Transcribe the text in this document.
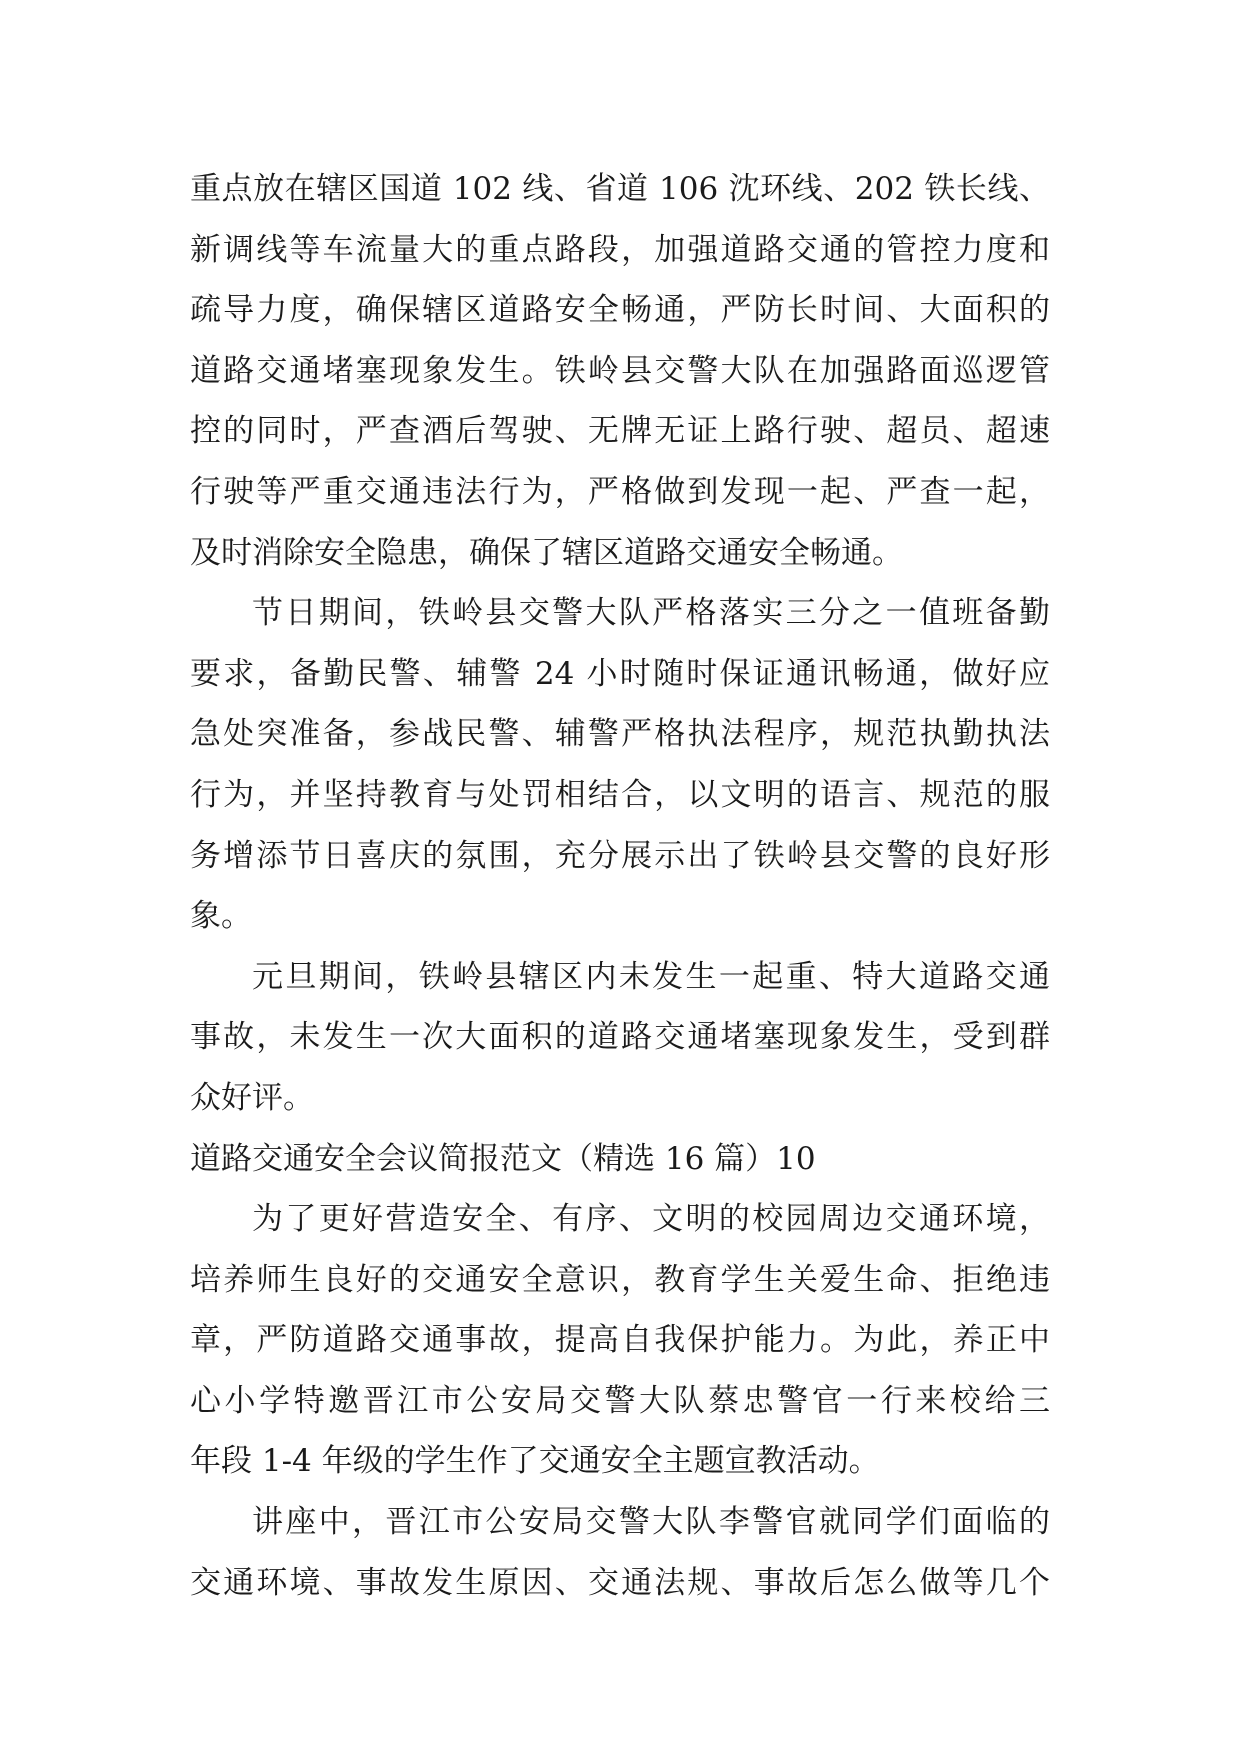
重点放在辖区国道 102 线、省道 106 沈环线、202 铁长线、
新调线等车流量大的重点路段，加强道路交通的管控力度和
疏导力度，确保辖区道路安全畅通，严防长时间、大面积的
道路交通堵塞现象发生。铁岭县交警大队在加强路面巡逻管
控的同时，严查酒后驾驶、无牌无证上路行驶、超员、超速
行驶等严重交通违法行为，严格做到发现一起、严查一起，
及时消除安全隐患，确保了辖区道路交通安全畅通。
节日期间，铁岭县交警大队严格落实三分之一值班备勤
要求，备勤民警、辅警 24 小时随时保证通讯畅通，做好应
急处突准备，参战民警、辅警严格执法程序，规范执勤执法
行为，并坚持教育与处罚相结合，以文明的语言、规范的服
务增添节日喜庆的氛围，充分展示出了铁岭县交警的良好形
象。
元旦期间，铁岭县辖区内未发生一起重、特大道路交通
事故，未发生一次大面积的道路交通堵塞现象发生，受到群
众好评。
道路交通安全会议简报范文（精选 16 篇）10
为了更好营造安全、有序、文明的校园周边交通环境，
培养师生良好的交通安全意识，教育学生关爱生命、拒绝违
章，严防道路交通事故，提高自我保护能力。为此，养正中
心小学特邀晋江市公安局交警大队蔡忠警官一行来校给三
年段 1-4 年级的学生作了交通安全主题宣教活动。
讲座中，晋江市公安局交警大队李警官就同学们面临的
交通环境、事故发生原因、交通法规、事故后怎么做等几个
